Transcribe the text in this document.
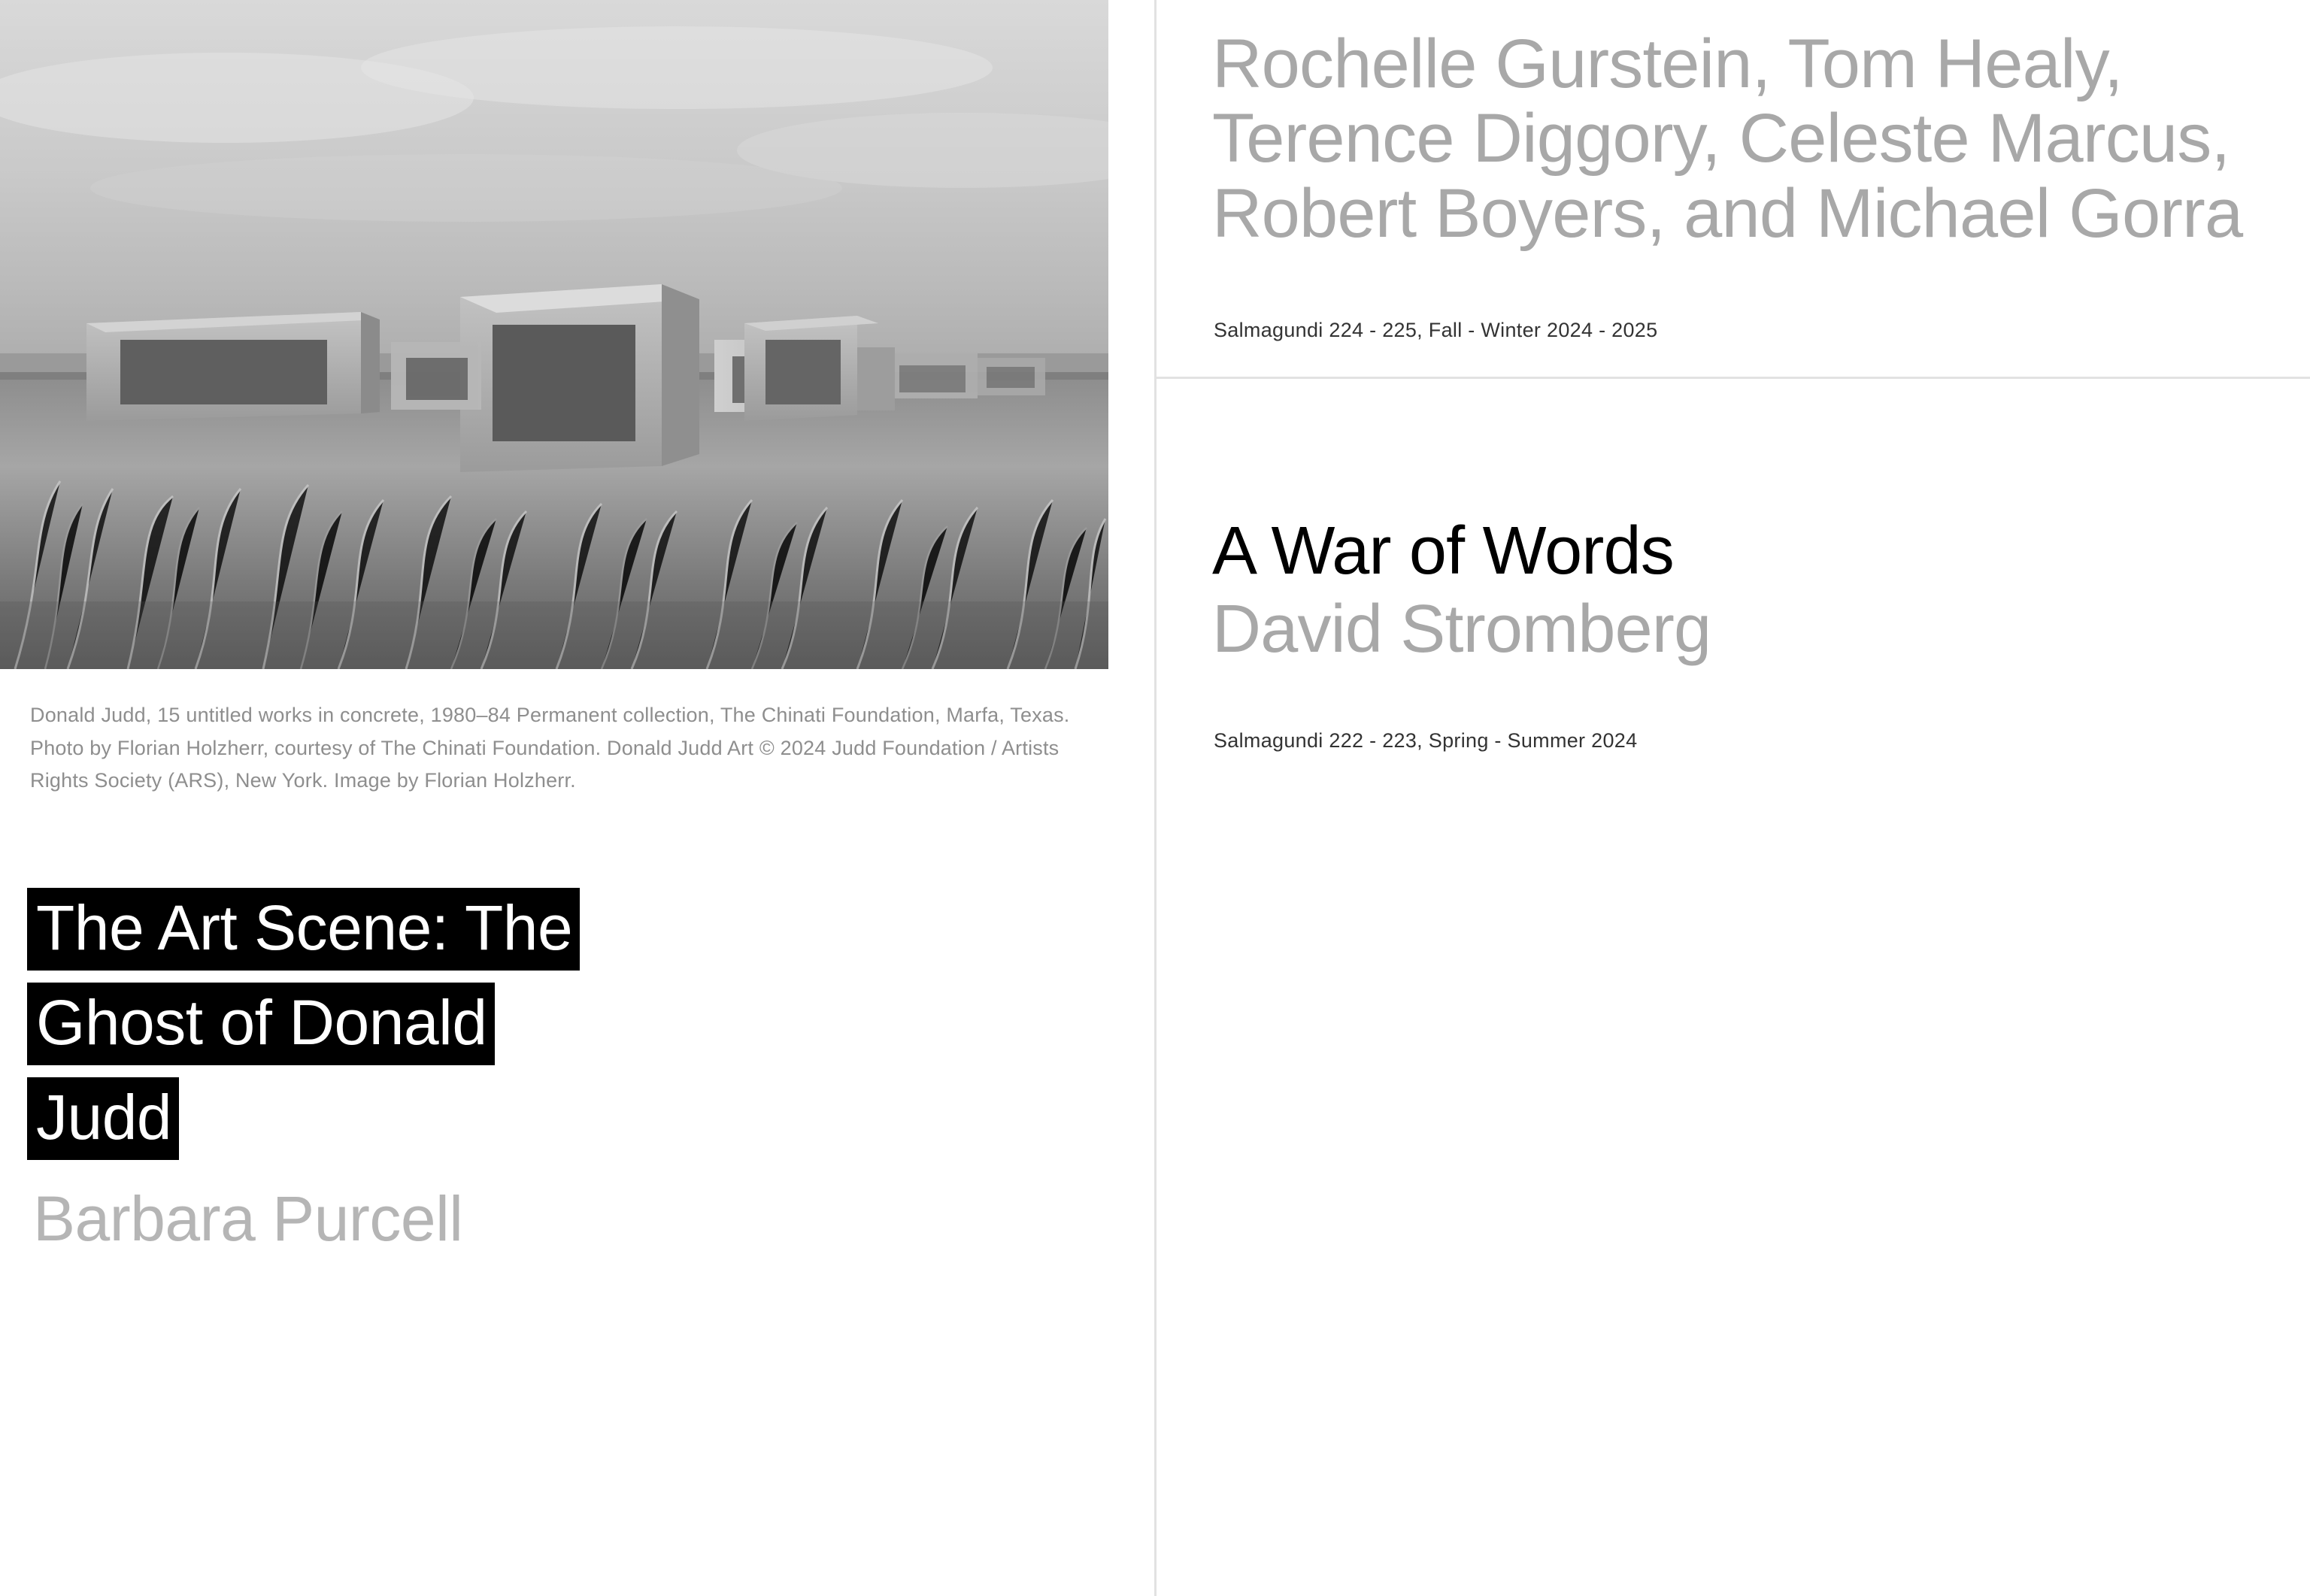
Donald Judd, 15 untitled works in concrete, 1980–84 Permanent collection, The Chinati Foundation, Marfa, Texas. Photo by Florian Holzherr, courtesy of The Chinati Foundation. Donald Judd Art © 2024 Judd Foundation / Artists Rights Society (ARS), New York. Image by Florian Holzherr.
The Art Scene: The
Ghost of Donald
Judd
Barbara Purcell
Rochelle Gurstein, Tom Healy, Terence Diggory, Celeste Marcus, Robert Boyers, and Michael Gorra
Salmagundi 224 - 225, Fall - Winter 2024 - 2025
A War of Words
David Stromberg
Salmagundi 222 - 223, Spring - Summer 2024
